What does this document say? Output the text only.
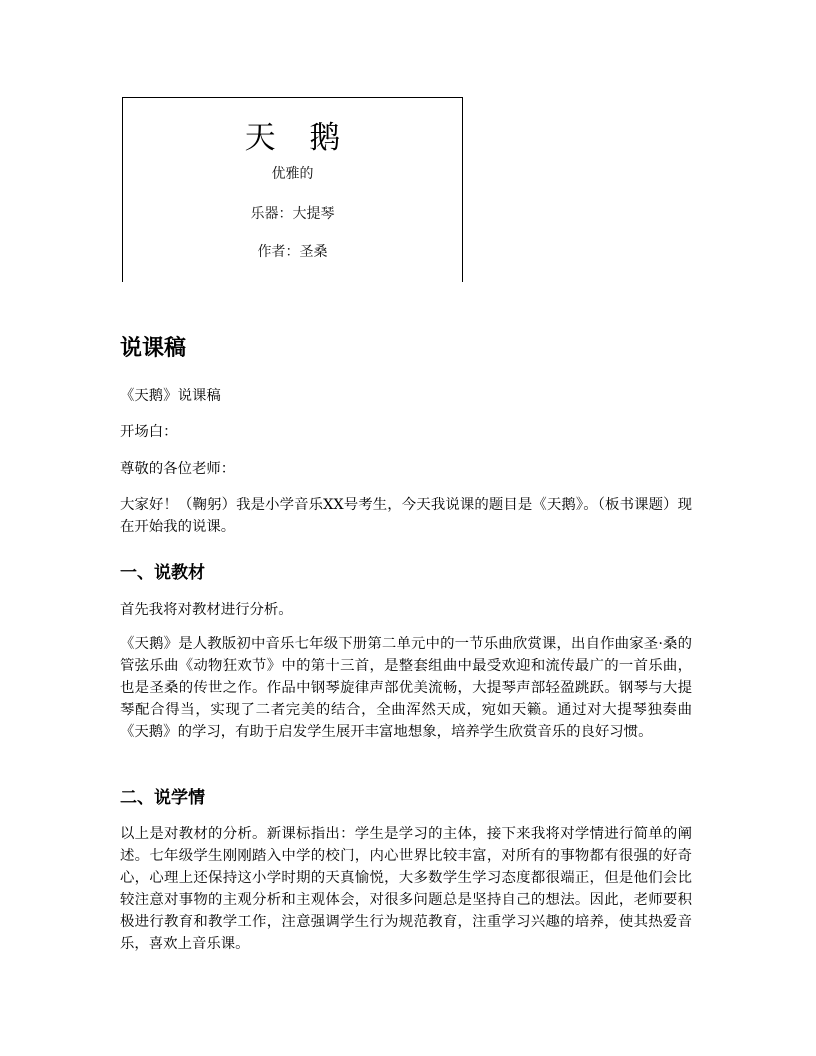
天 鹅
优雅的
乐器：大提琴
作者：圣桑
说课稿

《天鹅》说课稿

开场白：

尊敬的各位老师：

大家好！（鞠躬）我是小学音乐XX号考生，今天我说课的题目是《天鹅》。（板书课题）现在开始我的说课。

一、说教材

首先我将对教材进行分析。

《天鹅》是人教版初中音乐七年级下册第二单元中的一节乐曲欣赏课，出自作曲家圣·桑的管弦乐曲《动物狂欢节》中的第十三首，是整套组曲中最受欢迎和流传最广的一首乐曲，也是圣桑的传世之作。作品中钢琴旋律声部优美流畅，大提琴声部轻盈跳跃。钢琴与大提琴配合得当，实现了二者完美的结合，全曲浑然天成，宛如天籁。通过对大提琴独奏曲《天鹅》的学习，有助于启发学生展开丰富地想象，培养学生欣赏音乐的良好习惯。

二、说学情

以上是对教材的分析。新课标指出：学生是学习的主体，接下来我将对学情进行简单的阐述。七年级学生刚刚踏入中学的校门，内心世界比较丰富，对所有的事物都有很强的好奇心，心理上还保持这小学时期的天真愉悦，大多数学生学习态度都很端正，但是他们会比较注意对事物的主观分析和主观体会，对很多问题总是坚持自己的想法。因此，老师要积极进行教育和教学工作，注意强调学生行为规范教育，注重学习兴趣的培养，使其热爱音乐，喜欢上音乐课。
